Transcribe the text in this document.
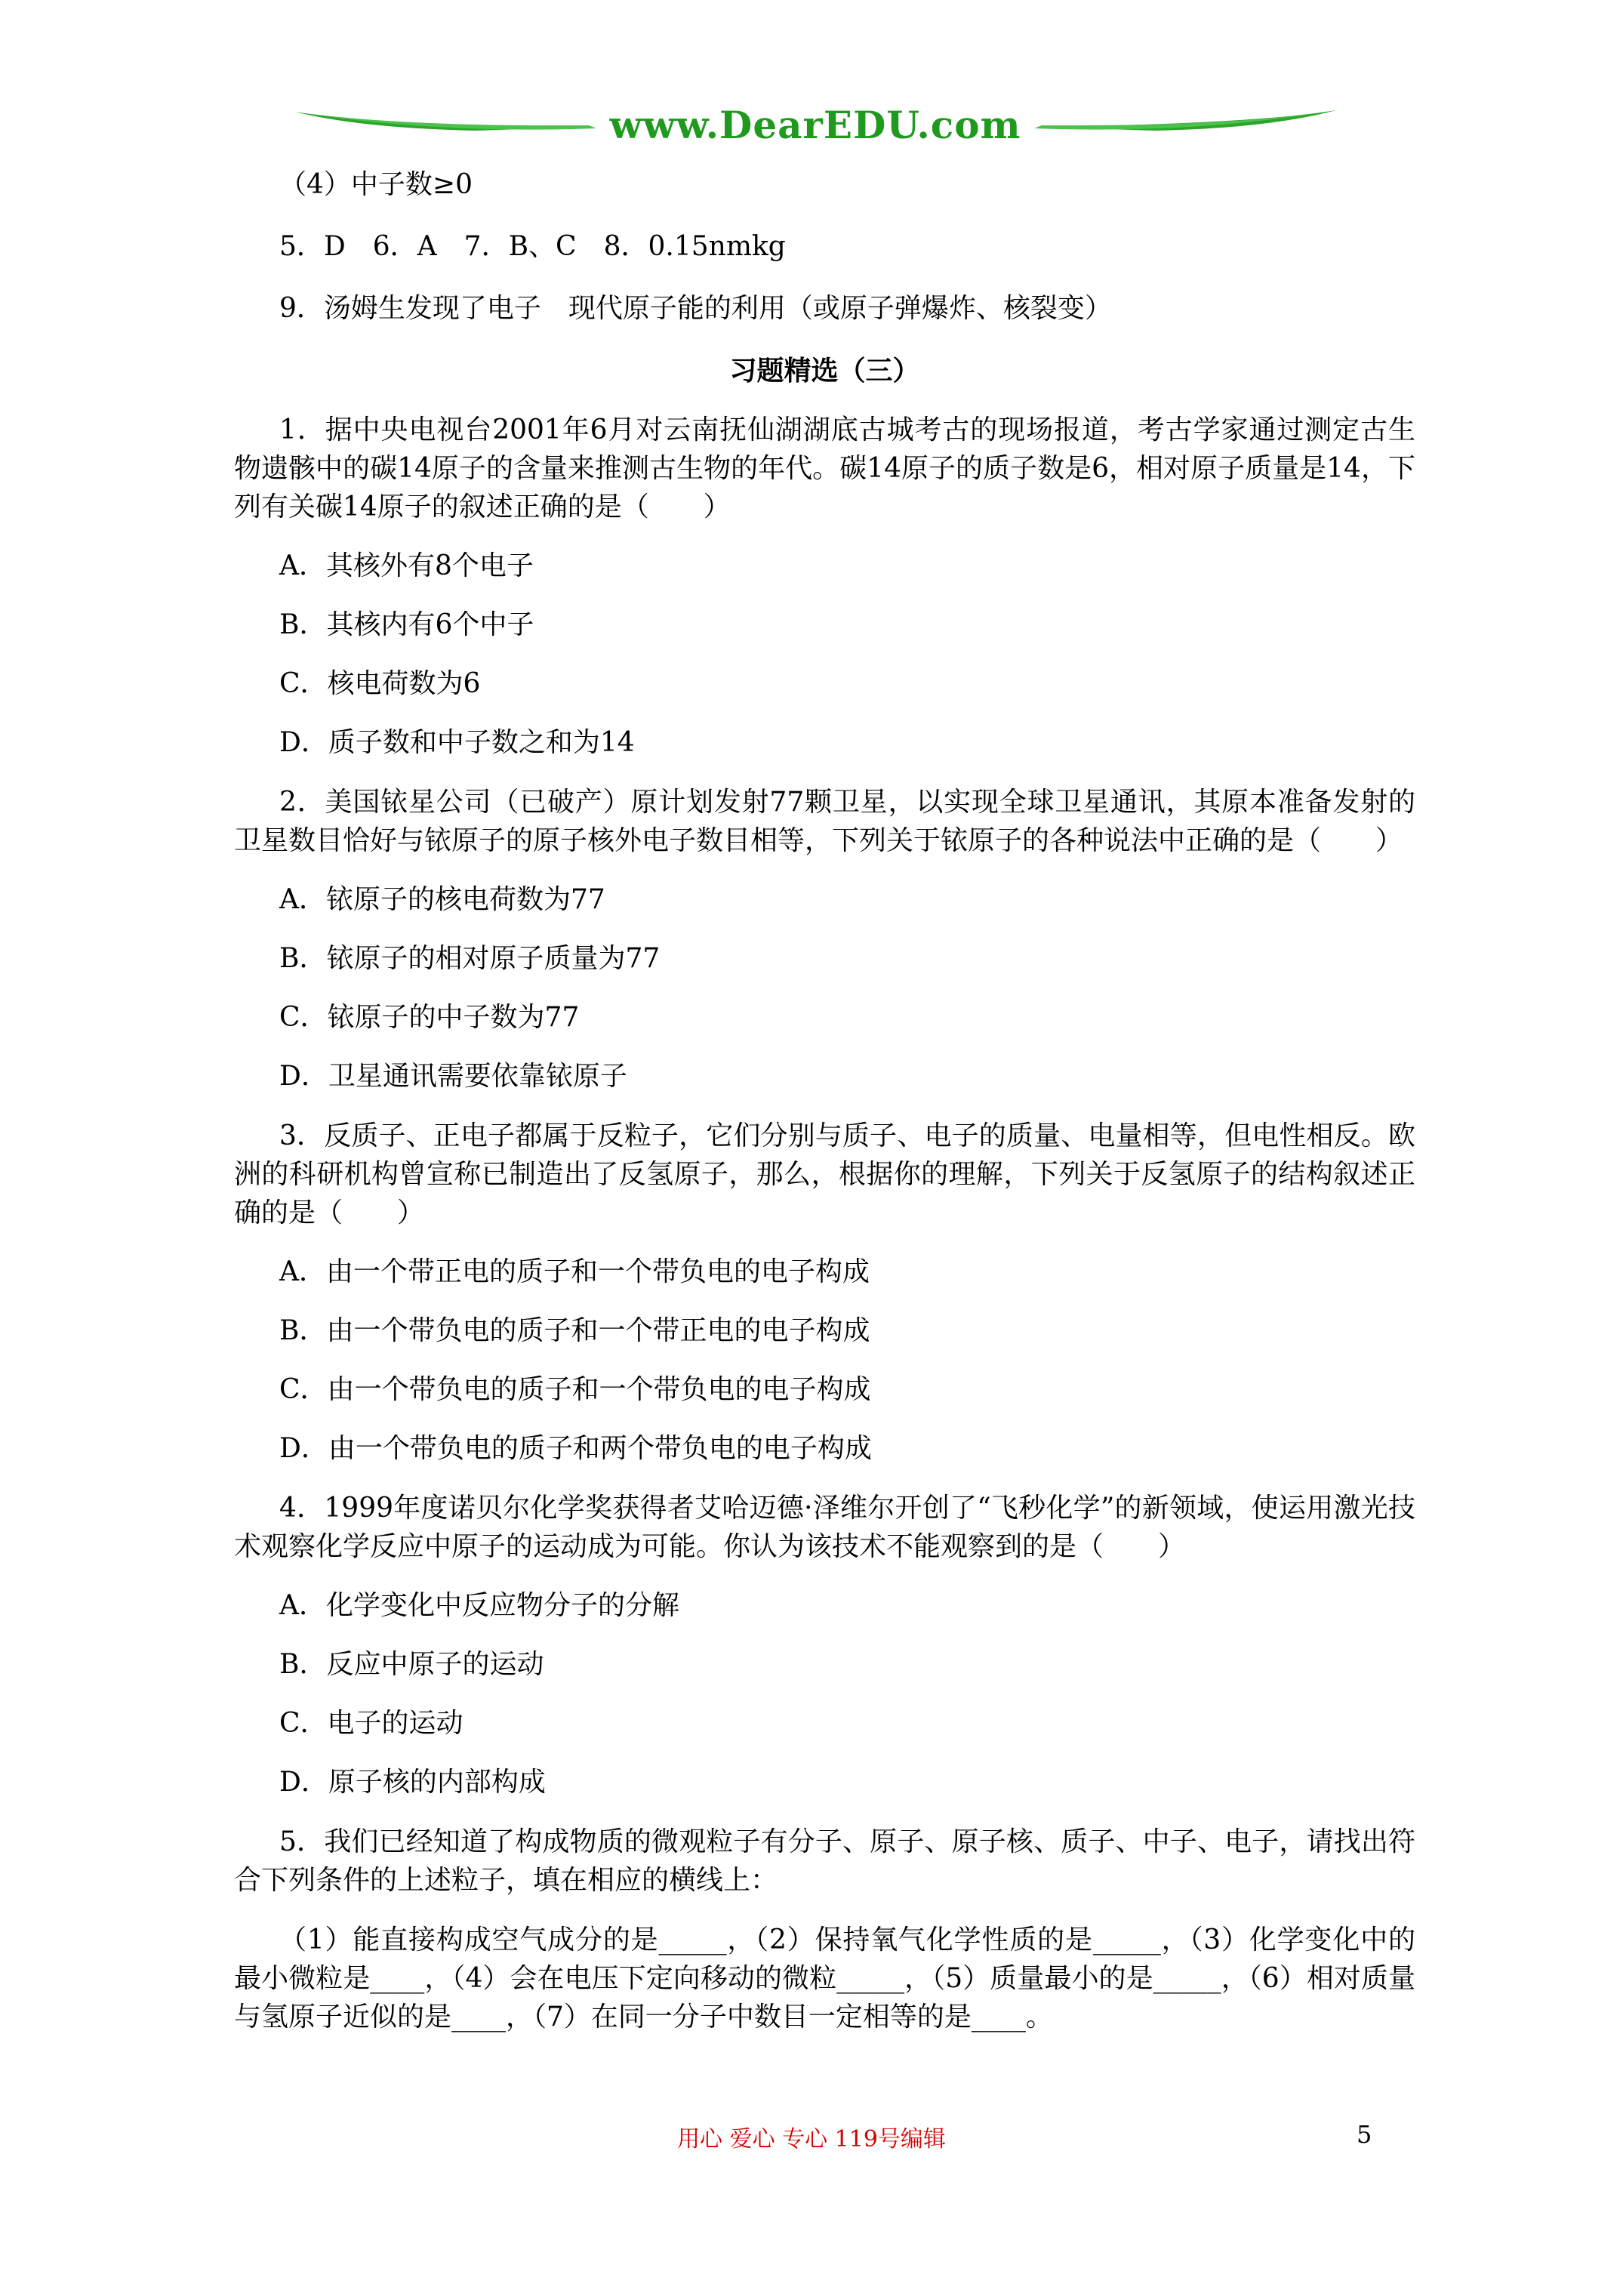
www.DearEDU.com
（4）中子数≥0
5．D　6．A　7．B、C　8．0.15nmkg
9．汤姆生发现了电子　现代原子能的利用（或原子弹爆炸、核裂变）
习题精选（三）
1．据中央电视台2001年6月对云南抚仙湖湖底古城考古的现场报道，考古学家通过测定古生物遗骸中的碳14原子的含量来推测古生物的年代。碳14原子的质子数是6，相对原子质量是14，下列有关碳14原子的叙述正确的是（　　）
A．其核外有8个电子
B．其核内有6个中子
C．核电荷数为6
D．质子数和中子数之和为14
2．美国铱星公司（已破产）原计划发射77颗卫星，以实现全球卫星通讯，其原本准备发射的卫星数目恰好与铱原子的原子核外电子数目相等，下列关于铱原子的各种说法中正确的是（　　）
A．铱原子的核电荷数为77
B．铱原子的相对原子质量为77
C．铱原子的中子数为77
D．卫星通讯需要依靠铱原子
3．反质子、正电子都属于反粒子，它们分别与质子、电子的质量、电量相等，但电性相反。欧洲的科研机构曾宣称已制造出了反氢原子，那么，根据你的理解，下列关于反氢原子的结构叙述正确的是（　　）
A．由一个带正电的质子和一个带负电的电子构成
B．由一个带负电的质子和一个带正电的电子构成
C．由一个带负电的质子和一个带负电的电子构成
D．由一个带负电的质子和两个带负电的电子构成
4．1999年度诺贝尔化学奖获得者艾哈迈德·泽维尔开创了“飞秒化学”的新领域，使运用激光技术观察化学反应中原子的运动成为可能。你认为该技术不能观察到的是（　　）
A．化学变化中反应物分子的分解
B．反应中原子的运动
C．电子的运动
D．原子核的内部构成
5．我们已经知道了构成物质的微观粒子有分子、原子、原子核、质子、中子、电子，请找出符合下列条件的上述粒子，填在相应的横线上：
（1）能直接构成空气成分的是_____，（2）保持氧气化学性质的是_____，（3）化学变化中的最小微粒是____，（4）会在电压下定向移动的微粒_____，（5）质量最小的是_____，（6）相对质量与氢原子近似的是____，（7）在同一分子中数目一定相等的是____。
用心 爱心 专心 119号编辑	5
